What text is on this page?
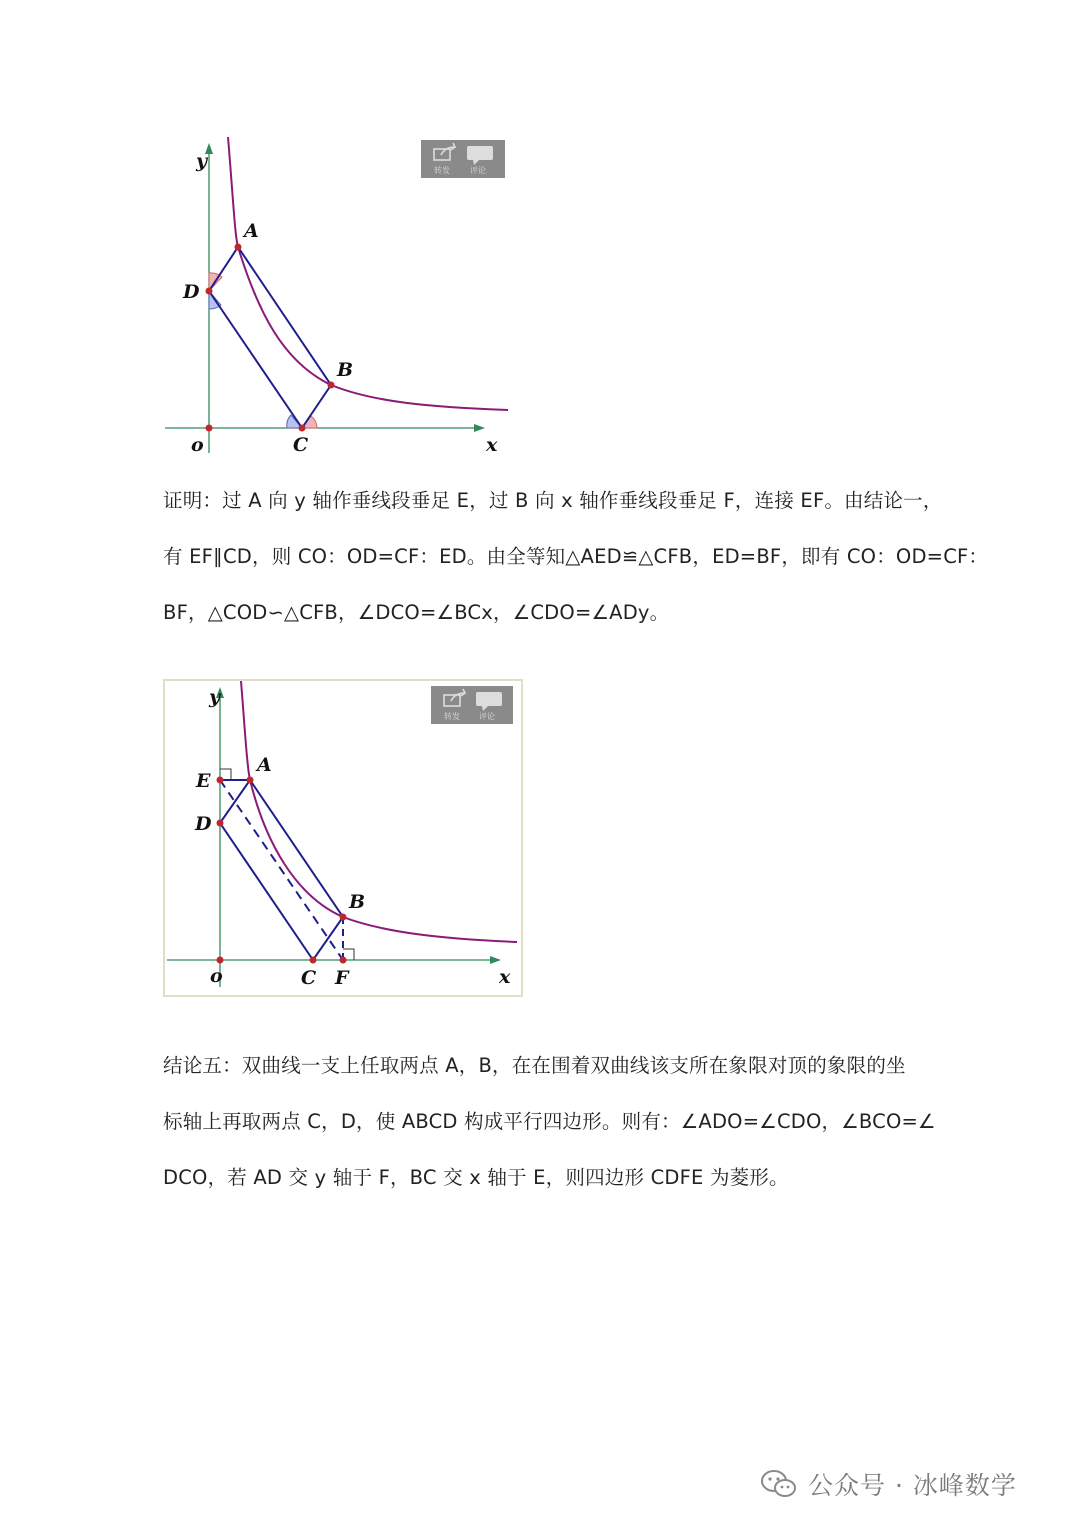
A
B
C
D
o	x
y	转发	评论
证明：过 A 向 y 轴作垂线段垂足 E，过 B 向 x 轴作垂线段垂足 F，连接 EF。由结论一，
有 EF∥CD，则 CO：OD=CF：ED。由全等知△AED≌△CFB，ED=BF，即有 CO：OD=CF：
BF，△COD∽△CFB，∠DCO=∠BCx，∠CDO=∠ADy。
A
B
C
D
E
F
o	x
y
转发 评论
结论五：双曲线一支上任取两点 A，B，在在围着双曲线该支所在象限对顶的象限的坐
标轴上再取两点 C，D，使 ABCD 构成平行四边形。则有：∠ADO=∠CDO，∠BCO=∠
DCO，若 AD 交 y 轴于 F，BC 交 x 轴于 E，则四边形 CDFE 为菱形。
公众号 · 冰峰数学
